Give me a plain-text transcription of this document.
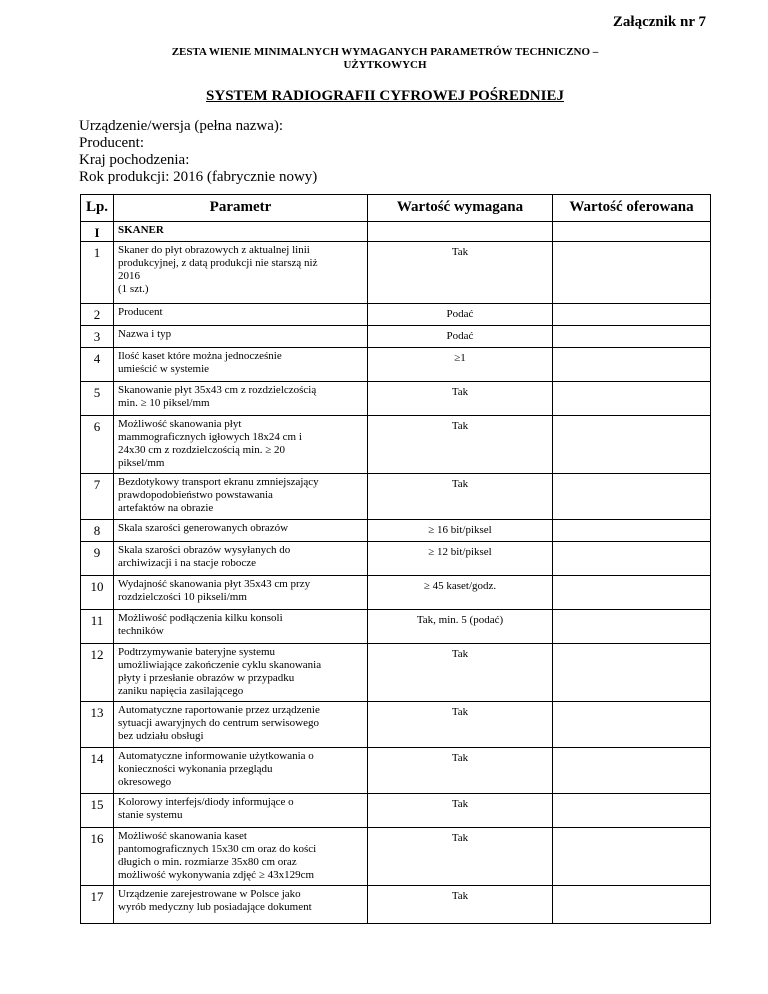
Załącznik nr 7
ZESTA WIENIE MINIMALNYCH WYMAGANYCH PARAMETRÓW TECHNICZNO –
UŻYTKOWYCH
SYSTEM RADIOGRAFII CYFROWEJ POŚREDNIEJ
Urządzenie/wersja (pełna nazwa):
Producent:
Kraj pochodzenia:
Rok produkcji: 2016 (fabrycznie nowy)
Lp.	Parametr	Wartość wymagana	Wartość oferowana
I	SKANER		
1	Skaner do płyt obrazowych z aktualnej linii
produkcyjnej, z datą produkcji nie starszą niż
2016
(1 szt.)	Tak	
2	Producent	Podać	
3	Nazwa i typ	Podać	
4	Ilość kaset które można jednocześnie
umieścić w systemie	≥1	
5	Skanowanie płyt 35x43 cm z rozdzielczością
min. ≥ 10 piksel/mm	Tak	
6	Możliwość skanowania płyt
mammograficznych igłowych 18x24 cm i
24x30 cm z rozdzielczością min. ≥ 20
piksel/mm	Tak	
7	Bezdotykowy transport ekranu zmniejszający
prawdopodobieństwo powstawania
artefaktów na obrazie	Tak	
8	Skala szarości generowanych obrazów	≥ 16 bit/piksel	
9	Skala szarości obrazów wysyłanych do
archiwizacji i na stacje robocze	≥ 12 bit/piksel	
10	Wydajność skanowania płyt 35x43 cm przy
rozdzielczości 10 pikseli/mm	≥ 45 kaset/godz.	
11	Możliwość podłączenia kilku konsoli
techników	Tak, min. 5 (podać)	
12	Podtrzymywanie bateryjne systemu
umożliwiające zakończenie cyklu skanowania
płyty i przesłanie obrazów w przypadku
zaniku napięcia zasilającego	Tak	
13	Automatyczne raportowanie przez urządzenie
sytuacji awaryjnych do centrum serwisowego
bez udziału obsługi	Tak	
14	Automatyczne informowanie użytkowania o
konieczności wykonania przeglądu
okresowego	Tak	
15	Kolorowy interfejs/diody informujące o
stanie systemu	Tak	
16	Możliwość skanowania kaset
pantomograficznych 15x30 cm oraz do kości
długich o min. rozmiarze 35x80 cm oraz
możliwość wykonywania zdjęć ≥ 43x129cm	Tak	
17	Urządzenie zarejestrowane w Polsce jako
wyrób medyczny lub posiadające dokument	Tak	
